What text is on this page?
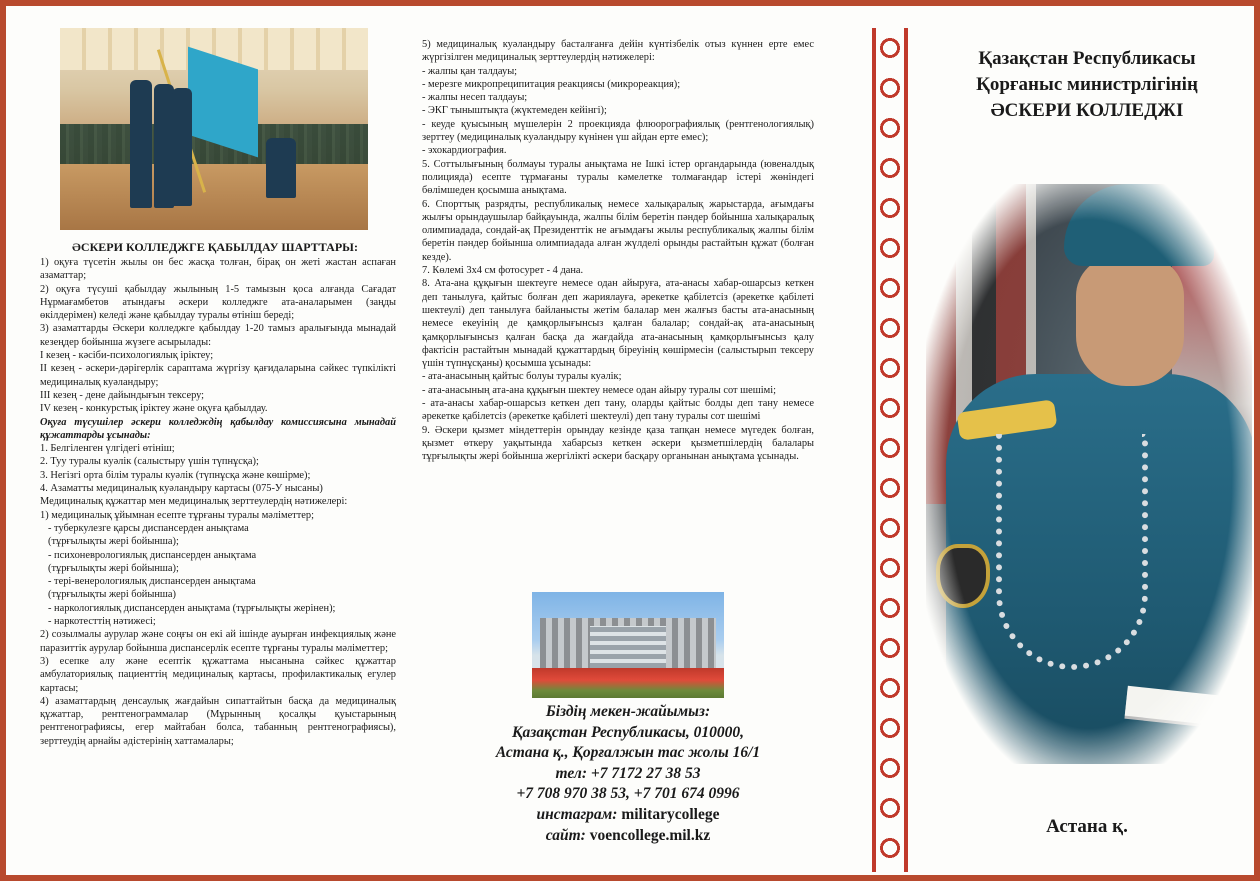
ӘСКЕРИ КОЛЛЕДЖГЕ ҚАБЫЛДАУ ШАРТТАРЫ:
1) оқуға түсетін жылы он бес жасқа толған, бірақ он жеті жастан аспаған азаматтар;
2) оқуға түсуші қабылдау жылының 1-5 тамызын қоса алғанда Сағадат Нұрмағамбетов атындағы әскери колледжге ата-аналарымен (заңды өкілдерімен) келеді және қабылдау туралы өтініш береді;
3) азаматтарды Әскери колледжге қабылдау 1-20 тамыз аралығында мынадай кезеңдер бойынша жүзеге асырылады:
I кезең - кәсіби-психологиялық іріктеу;
II кезең - әскери-дәрігерлік сараптама жүргізу қағидаларына сәйкес түпкілікті медициналық куәландыру;
III кезең - дене дайындығын тексеру;
IV кезең - конкурстық іріктеу және оқуға қабылдау.
Оқуға түсушілер әскери колледждің қабылдау комиссиясына мынадай құжаттарды ұсынады:
1. Белгіленген үлгідегі өтініш;
2. Туу туралы куәлік (салыстыру үшін түпнұсқа);
3. Негізгі орта білім туралы куәлік (түпнұсқа және көшірме);
4. Азаматты медициналық куәландыру картасы (075-У нысаны)
Медициналық құжаттар мен медициналық зерттеулердің нәтижелері:
1) медициналық ұйымнан есепте тұрғаны туралы мәліметтер;
- туберкулезге қарсы диспансерден анықтама
(тұрғылықты жері бойынша);
- психоневрологиялық диспансерден анықтама
(тұрғылықты жері бойынша);
- тері-венерологиялық диспансерден анықтама
(тұрғылықты жері бойынша)
- наркологиялық диспансерден анықтама (тұрғылықты жерінен);
- наркотесттің нәтижесі;
2) созылмалы аурулар және соңғы он екі ай ішінде ауырған инфекциялық және паразиттік аурулар бойынша диспансерлік есепте тұрғаны туралы мәліметтер;
3) есепке алу және есептік құжаттама нысанына сәйкес құжаттар амбулаториялық пациенттің медициналық картасы, профилактикалық егулер картасы;
4) азаматтардың денсаулық жағдайын сипаттайтын басқа да медициналық құжаттар, рентгенограммалар (Мұрынның қосалқы қуыстарының рентгенографиясы, егер майтабан болса, табанның рентгенографиясы), зерттеудің арнайы әдістерінің хаттамалары;
5) медициналық куәландыру басталғанға дейін күнтізбелік отыз күннен ерте емес жүргізілген медициналық зерттеулердің нәтижелері:
- жалпы қан талдауы;
- мерезге микропреципитация реакциясы (микрореакция);
- жалпы несеп талдауы;
- ЭКГ тыныштықта (жүктемеден кейінгі);
- кеуде қуысының мүшелерін 2 проекцияда флюорографиялық (рентгенологиялық) зерттеу (медициналық куәландыру күнінен үш айдан ерте емес);
- эхокардиография.
5. Соттылығының болмауы туралы анықтама не Ішкі істер органдарында (ювеналдық полицияда) есепте тұрмағаны туралы кәмелетке толмағандар істері жөніндегі бөлімшеден қосымша анықтама.
6. Спорттық разрядты, республикалық немесе халықаралық жарыстарда, ағымдағы жылғы орындаушылар байқауында, жалпы білім беретін пәндер бойынша халықаралық олимпиадада, сондай-ақ Президенттік не ағымдағы жылы республикалық жалпы білім беретін пәндер бойынша олимпиадада алған жүлделі орынды растайтын құжат (болған кезде).
7. Көлемі 3х4 см фотосурет - 4 дана.
8. Ата-ана құқығын шектеуге немесе одан айыруға, ата-анасы хабар-ошарсыз кеткен деп танылуға, қайтыс болған деп жариялауға, әрекетке қабілетсіз (әрекетке қабілеті шектеулі) деп танылуға байланысты жетім балалар мен жалғыз басты ата-анасының немесе екеуінің де қамқорлығынсыз қалған балалар; сондай-ақ ата-анасының қамқорлығынсыз қалған басқа да жағдайда ата-анасының қамқорлығынсыз қалу фактісін растайтын мынадай құжаттардың біреуінің көшірмесін (салыстырып тексеру үшін түпнұсқаны) қосымша ұсынады:
- ата-анасының қайтыс болуы туралы куәлік;
- ата-анасының ата-ана құқығын шектеу немесе одан айыру туралы сот шешімі;
- ата-анасы хабар-ошарсыз кеткен деп тану, оларды қайтыс болды деп тану немесе әрекетке қабілетсіз (әрекетке қабілеті шектеулі) деп тану туралы сот шешімі
9. Әскери қызмет міндеттерін орындау кезінде қаза тапқан немесе мүгедек болған, қызмет өткеру уақытында хабарсыз кеткен әскери қызметшілердің балалары тұрғылықты жері бойынша жергілікті әскери басқару органынан анықтама ұсынады.
Біздің мекен-жайымыз:
Қазақстан Республикасы, 010000,
Астана қ., Қорғалжын тас жолы 16/1
тел: +7 7172 27 38 53
+7 708 970 38 53, +7 701 674 0996
инстаграм: militarycollege
сайт: voencollege.mil.kz
Қазақстан Республикасы
Қорғаныс министрлігінің
ӘСКЕРИ КОЛЛЕДЖІ
Астана қ.
